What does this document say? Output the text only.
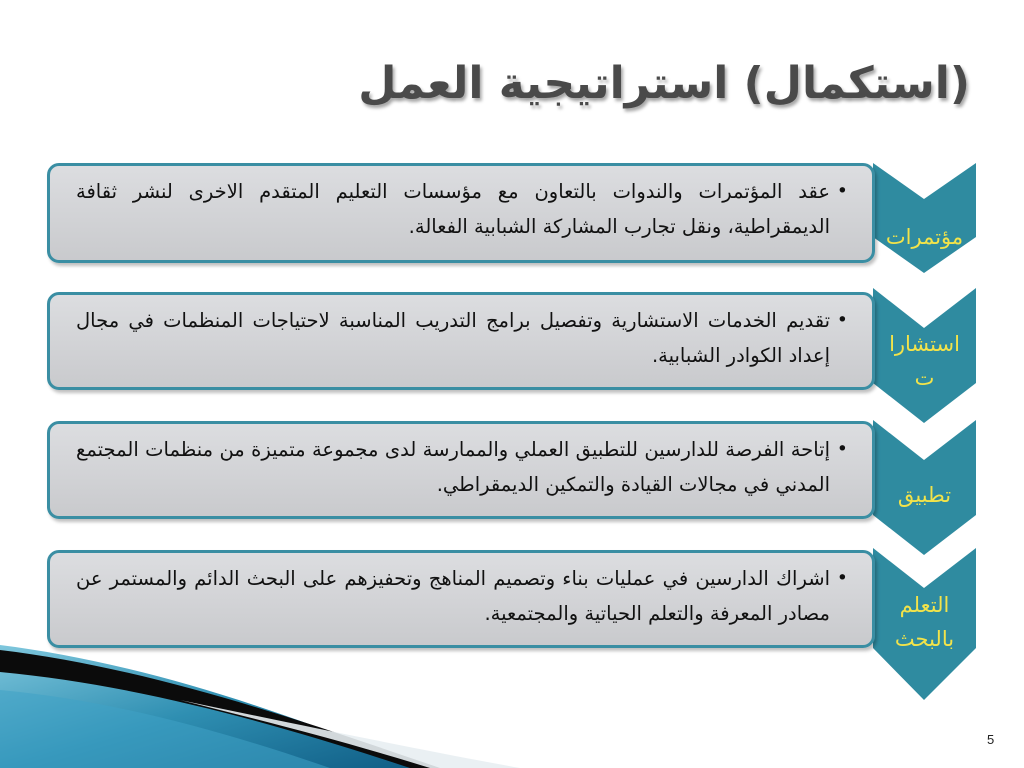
(استكمال) استراتيجية العمل
مؤتمرات
استشارا ت
تطبيق
التعلم بالبحث
•
عقد المؤتمرات والندوات بالتعاون مع مؤسسات التعليم المتقدم الاخرى لنشر ثقافة الديمقراطية، ونقل تجارب المشاركة الشبابية الفعالة.
•
تقديم الخدمات الاستشارية وتفصيل برامج التدريب المناسبة لاحتياجات المنظمات في مجال إعداد الكوادر الشبابية.
•
إتاحة الفرصة للدارسين للتطبيق العملي والممارسة لدى مجموعة متميزة من منظمات المجتمع المدني في مجالات القيادة والتمكين الديمقراطي.
•
اشراك الدارسين في عمليات بناء وتصميم المناهج وتحفيزهم على البحث الدائم والمستمر عن مصادر المعرفة والتعلم الحياتية والمجتمعية.
5
